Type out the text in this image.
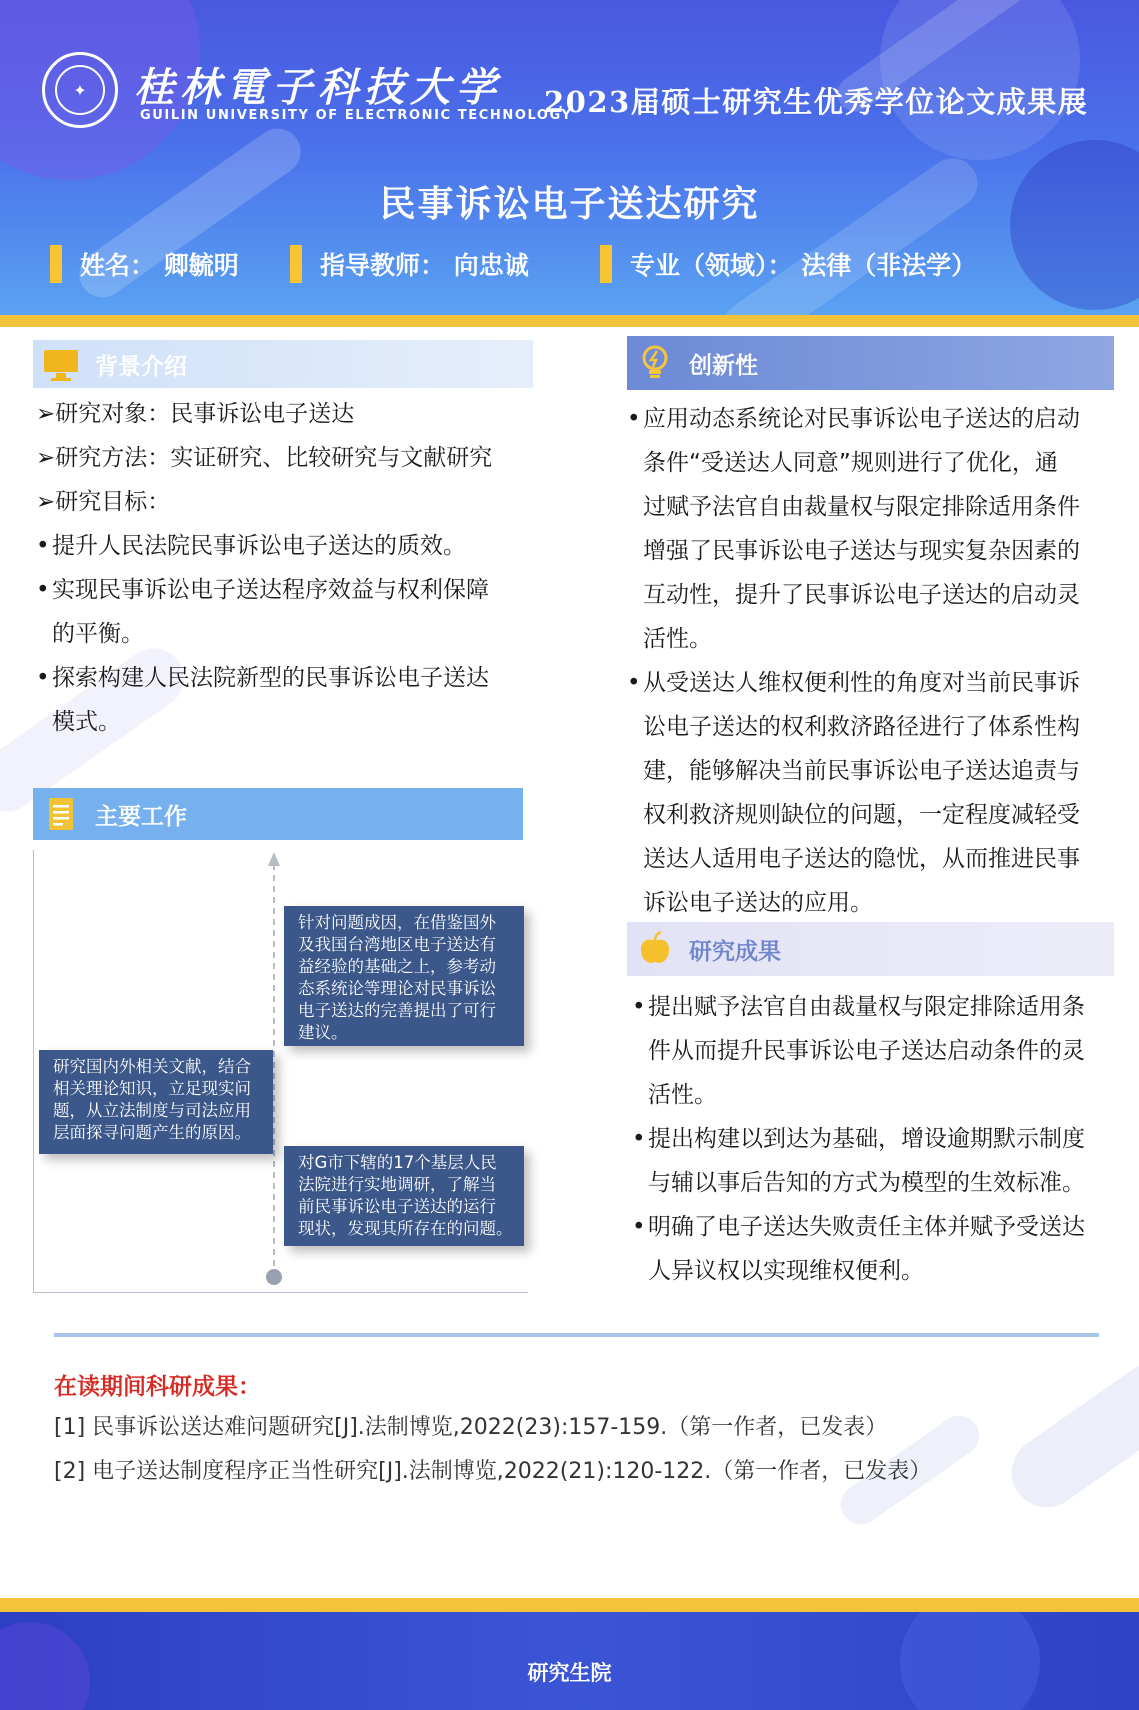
✦	桂林電子科技大学
GUILIN UNIVERSITY OF ELECTRONIC TECHNOLOGY
2023届硕士研究生优秀学位论文成果展
民事诉讼电子送达研究
姓名： 卿毓明	指导教师： 向忠诚	专业（领域）： 法律（非法学）
背景介绍
➢研究对象：民事诉讼电子送达
➢研究方法：实证研究、比较研究与文献研究
➢研究目标：
• 提升人民法院民事诉讼电子送达的质效。
• 实现民事诉讼电子送达程序效益与权利保障
的平衡。
• 探索构建人民法院新型的民事诉讼电子送达
模式。
主要工作
针对问题成因，在借鉴国外
及我国台湾地区电子送达有
益经验的基础之上，参考动
态系统论等理论对民事诉讼
电子送达的完善提出了可行
建议。
研究国内外相关文献，结合
相关理论知识，立足现实问
题，从立法制度与司法应用
层面探寻问题产生的原因。
对G市下辖的17个基层人民
法院进行实地调研，了解当
前民事诉讼电子送达的运行
现状，发现其所存在的问题。
创新性
• 应用动态系统论对民事诉讼电子送达的启动
条件“受送达人同意”规则进行了优化，通
过赋予法官自由裁量权与限定排除适用条件
增强了民事诉讼电子送达与现实复杂因素的
互动性，提升了民事诉讼电子送达的启动灵
活性。
• 从受送达人维权便利性的角度对当前民事诉
讼电子送达的权利救济路径进行了体系性构
建，能够解决当前民事诉讼电子送达追责与
权利救济规则缺位的问题，一定程度减轻受
送达人适用电子送达的隐忧，从而推进民事
诉讼电子送达的应用。
研究成果
• 提出赋予法官自由裁量权与限定排除适用条
件从而提升民事诉讼电子送达启动条件的灵
活性。
• 提出构建以到达为基础，增设逾期默示制度
与辅以事后告知的方式为模型的生效标准。
• 明确了电子送达失败责任主体并赋予受送达
人异议权以实现维权便利。
在读期间科研成果：
[1] 民事诉讼送达难问题研究[J].法制博览,2022(23):157-159.（第一作者，已发表）
[2] 电子送达制度程序正当性研究[J].法制博览,2022(21):120-122.（第一作者，已发表）
研究生院
